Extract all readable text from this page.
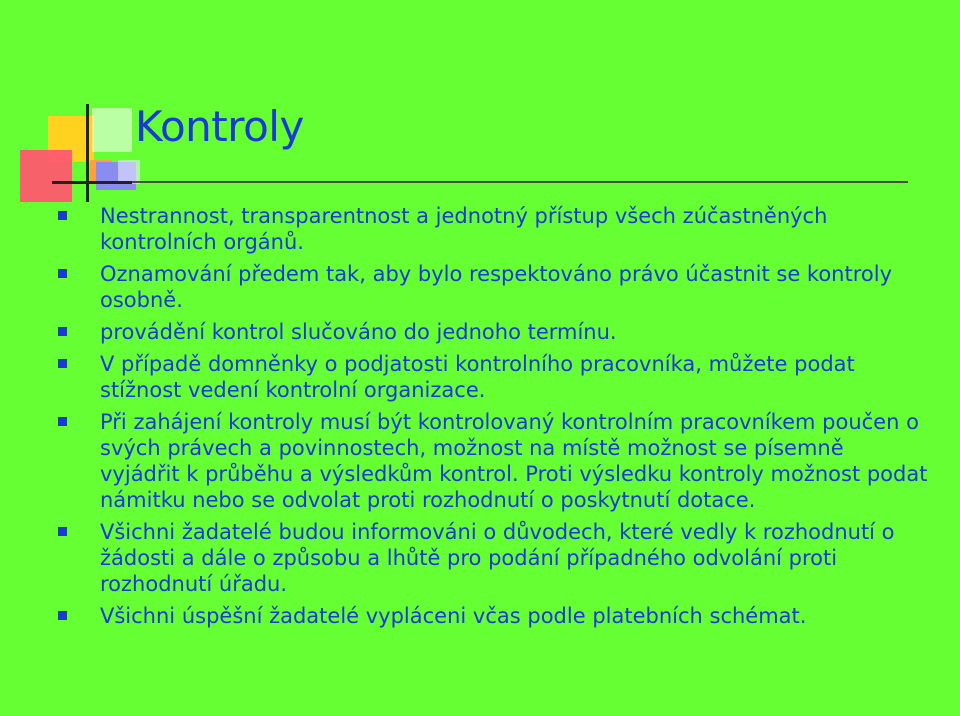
Kontroly
Nestrannost, transparentnost a jednotný přístup všech zúčastněných kontrolních orgánů.
Oznamování předem tak, aby bylo respektováno právo účastnit se kontroly osobně.
provádění kontrol slučováno do jednoho termínu.
V případě domněnky o podjatosti kontrolního pracovníka, můžete podat stížnost vedení kontrolní organizace.
Při zahájení kontroly musí být kontrolovaný kontrolním pracovníkem poučen o svých právech a povinnostech, možnost na místě možnost se písemně vyjádřit k průběhu a výsledkům kontrol. Proti výsledku kontroly možnost podat námitku nebo se odvolat proti rozhodnutí o poskytnutí dotace.
Všichni žadatelé budou informováni o důvodech, které vedly k rozhodnutí o žádosti a dále o způsobu a lhůtě pro podání případného odvolání proti rozhodnutí úřadu.
Všichni úspěšní žadatelé vypláceni včas podle platebních schémat.
